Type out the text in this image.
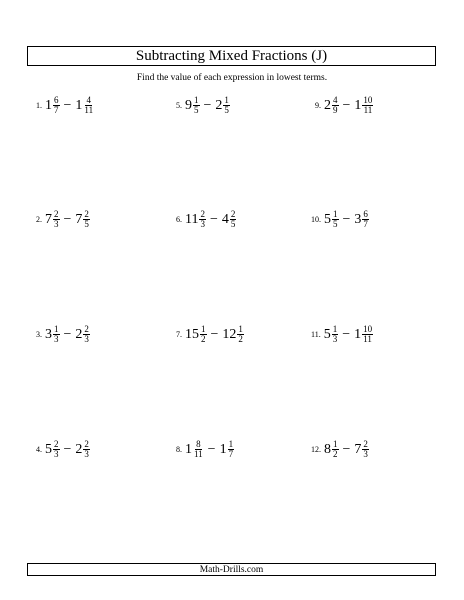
Subtracting Mixed Fractions (J)
Find the value of each expression in lowest terms.
1. $1 \frac{6}{7} - 1 \frac{4}{11}$
2. $7 \frac{2}{3} - 7 \frac{2}{5}$
3. $3 \frac{1}{3} - 2 \frac{2}{3}$
4. $5 \frac{2}{3} - 2 \frac{2}{3}$
5. $9 \frac{1}{5} - 2 \frac{1}{5}$
6. $11 \frac{2}{3} - 4 \frac{2}{5}$
7. $15 \frac{1}{2} - 12 \frac{1}{2}$
8. $1 \frac{8}{11} - 1 \frac{1}{7}$
9. $2 \frac{4}{9} - 1 \frac{10}{11}$
10. $5 \frac{1}{5} - 3 \frac{6}{7}$
11. $5 \frac{1}{3} - 1 \frac{10}{11}$
12. $8 \frac{1}{2} - 7 \frac{2}{3}$
Math-Drills.com
